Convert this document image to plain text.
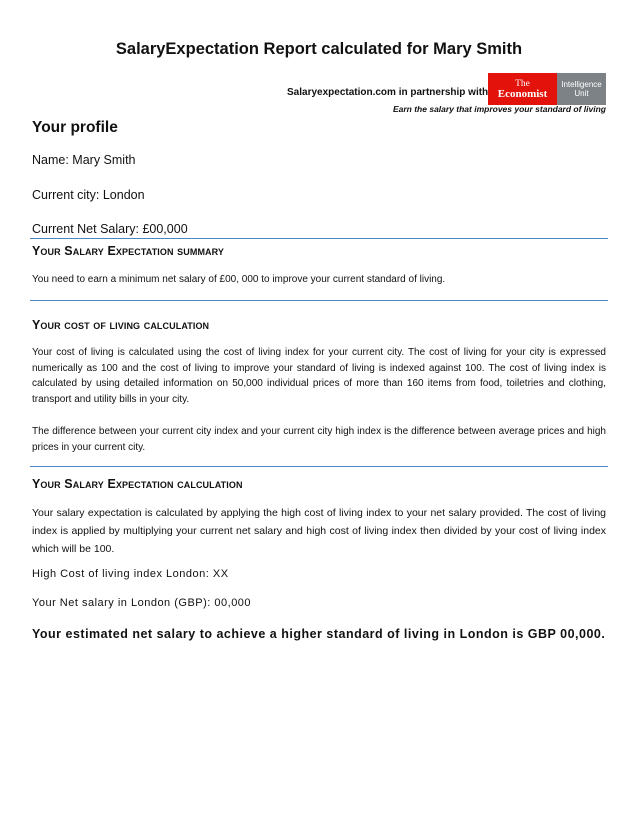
SalaryExpectation Report calculated for Mary Smith
Salaryexpectation.com in partnership with
The
Economist
Intelligence
Unit
Earn the salary that improves your standard of living
Your profile
Name: Mary Smith
Current city: London
Current Net Salary: £00,000
Your Salary Expectation summary
You need to earn a minimum net salary of £00, 000 to improve your current standard of living.
Your cost of living calculation
Your cost of living is calculated using the cost of living index for your current city. The cost of living for your city is expressed numerically as 100 and the cost of living to improve your standard of living is indexed against 100. The cost of living index is calculated by using detailed information on 50,000 individual prices of more than 160 items from food, toiletries and clothing, transport and utility bills in your city.
The difference between your current city index and your current city high index is the difference between average prices and high prices in your current city.
Your Salary Expectation calculation
Your salary expectation is calculated by applying the high cost of living index to your net salary provided. The cost of living index is applied by multiplying your current net salary and high cost of living index then divided by your cost of living index which will be 100.
High Cost of living index London: XX
Your Net salary in London (GBP): 00,000
Your estimated net salary to achieve a higher standard of living in London is GBP 00,000.
